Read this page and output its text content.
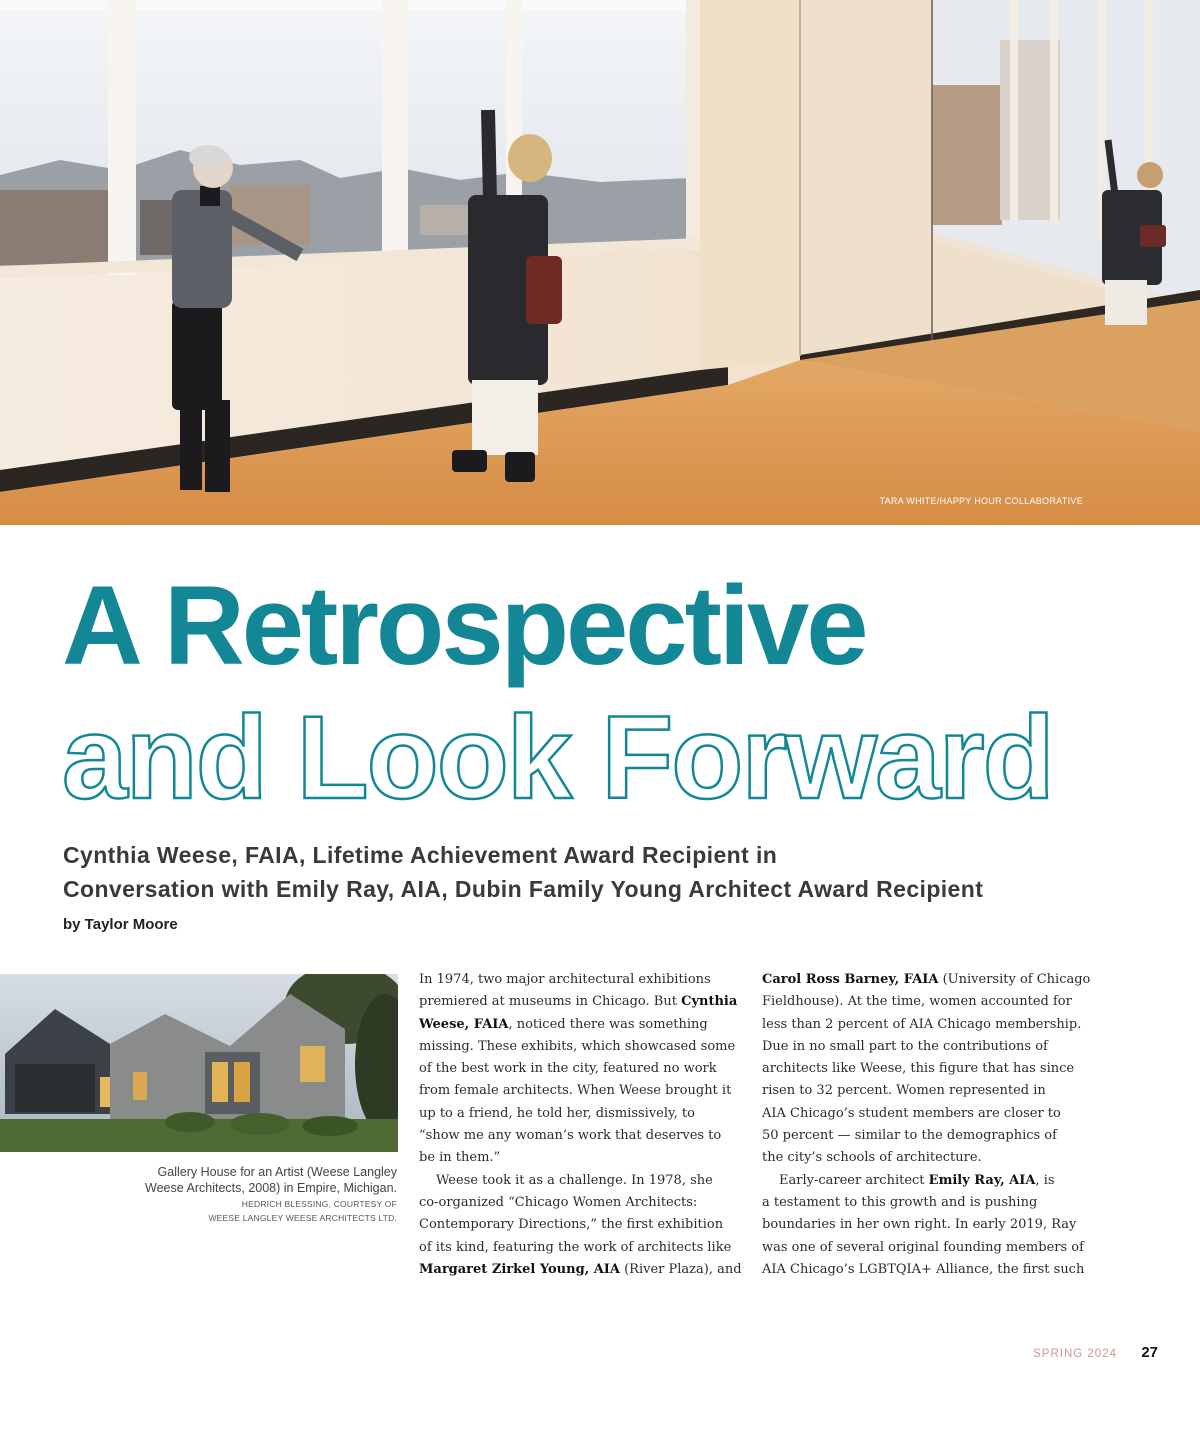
TARA WHITE/HAPPY HOUR COLLABORATIVE
A Retrospective
and Look Forward
Cynthia Weese, FAIA, Lifetime Achievement Award Recipient in
Conversation with Emily Ray, AIA, Dubin Family Young Architect Award Recipient

by Taylor Moore

Gallery House for an Artist (Weese Langley
Weese Architects, 2008) in Empire, Michigan.
HEDRICH BLESSING, COURTESY OF
WEESE LANGLEY WEESE ARCHITECTS LTD.

In 1974, two major architectural exhibitions

premiered at museums in Chicago. But Cynthia

Weese, FAIA, noticed there was something

missing. These exhibits, which showcased some

of the best work in the city, featured no work

from female architects. When Weese brought it

up to a friend, he told her, dismissively, to

“show me any woman’s work that deserves to

be in them.”

Weese took it as a challenge. In 1978, she

co-organized “Chicago Women Architects:

Contemporary Directions,” the first exhibition

of its kind, featuring the work of architects like

Margaret Zirkel Young, AIA (River Plaza), and

Carol Ross Barney, FAIA (University of Chicago

Fieldhouse). At the time, women accounted for

less than 2 percent of AIA Chicago membership.

Due in no small part to the contributions of

architects like Weese, this figure that has since

risen to 32 percent. Women represented in

AIA Chicago’s student members are closer to

50 percent — similar to the demographics of

the city’s schools of architecture.

Early-career architect Emily Ray, AIA, is

a testament to this growth and is pushing

boundaries in her own right. In early 2019, Ray

was one of several original founding members of

AIA Chicago’s LGBTQIA+ Alliance, the first such

SPRING 2024 27
